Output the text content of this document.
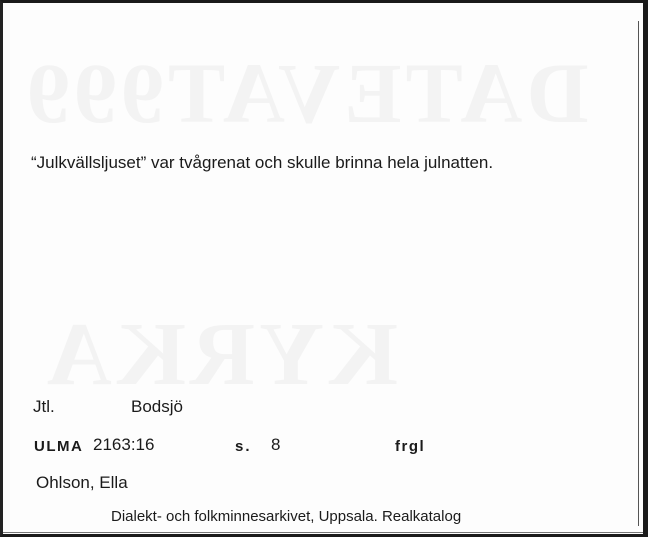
“Julkvällsljuset” var tvågrenat och skulle brinna hela julnatten.
Jtl.	Bodsjö
ULMA 2163:16	s. 8	frgl
Ohlson, Ella
Dialekt- och folkminnesarkivet, Uppsala. Realkatalog
